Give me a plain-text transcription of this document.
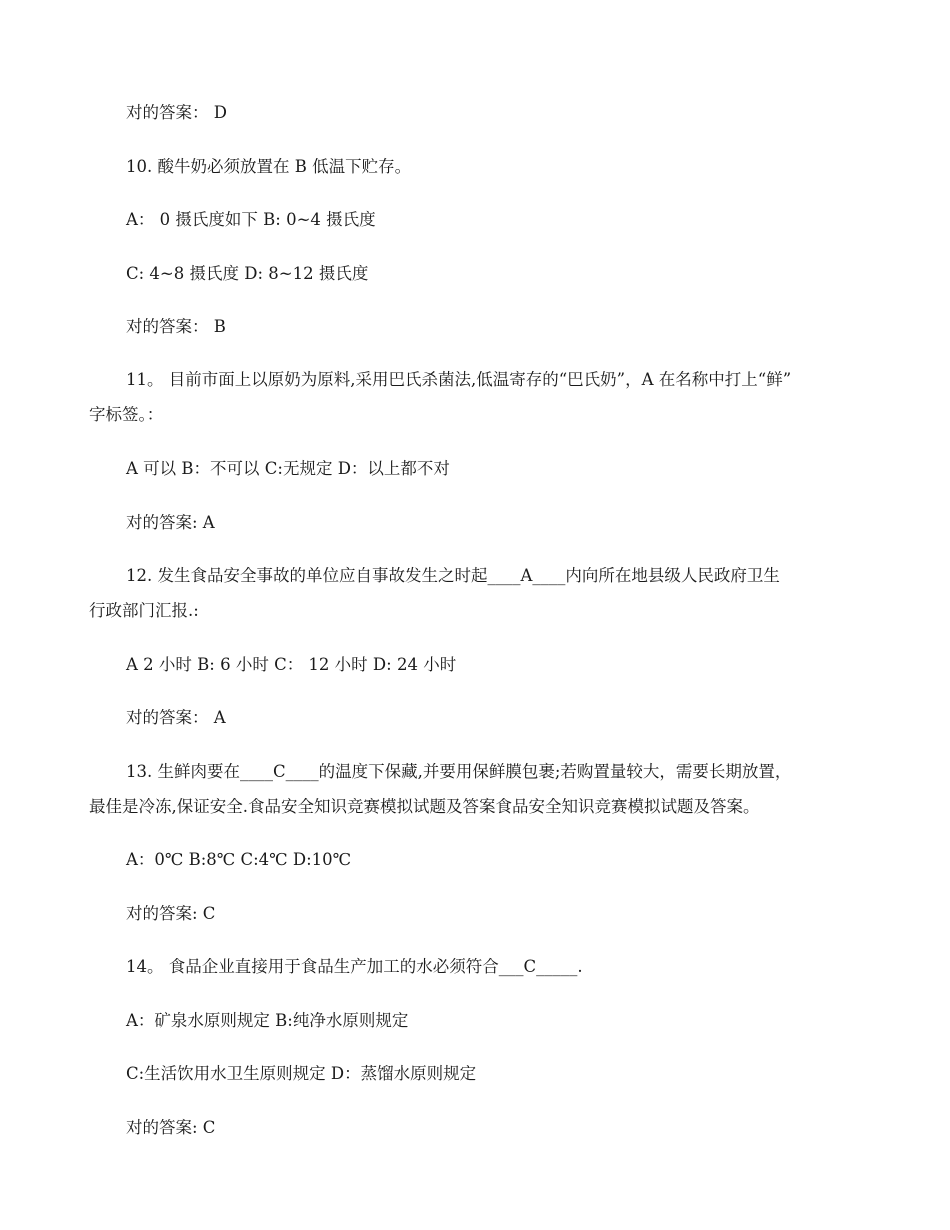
对的答案： D
10. 酸牛奶必须放置在 B 低温下贮存。
A： 0 摄氏度如下 B: 0~4 摄氏度
C: 4~8 摄氏度 D: 8~12 摄氏度
对的答案： B
11。 目前市面上以原奶为原料,采用巴氏杀菌法,低温寄存的“巴氏奶”，A 在名称中打上“鲜”
字标签。：
A 可以 B：不可以 C:无规定 D：以上都不对
对的答案: A
12. 发生食品安全事故的单位应自事故发生之时起____A____内向所在地县级人民政府卫生
行政部门汇报.:
A 2 小时 B: 6 小时 C： 12 小时 D: 24 小时
对的答案： A
13. 生鲜肉要在____C____的温度下保藏,并要用保鲜膜包裹;若购置量较大，需要长期放置，
最佳是冷冻,保证安全.食品安全知识竞赛模拟试题及答案食品安全知识竞赛模拟试题及答案。
A：0℃ B:8℃ C:4℃ D:10℃
对的答案: C
14。 食品企业直接用于食品生产加工的水必须符合___C_____.
A：矿泉水原则规定 B:纯净水原则规定
C:生活饮用水卫生原则规定 D：蒸馏水原则规定
对的答案: C
